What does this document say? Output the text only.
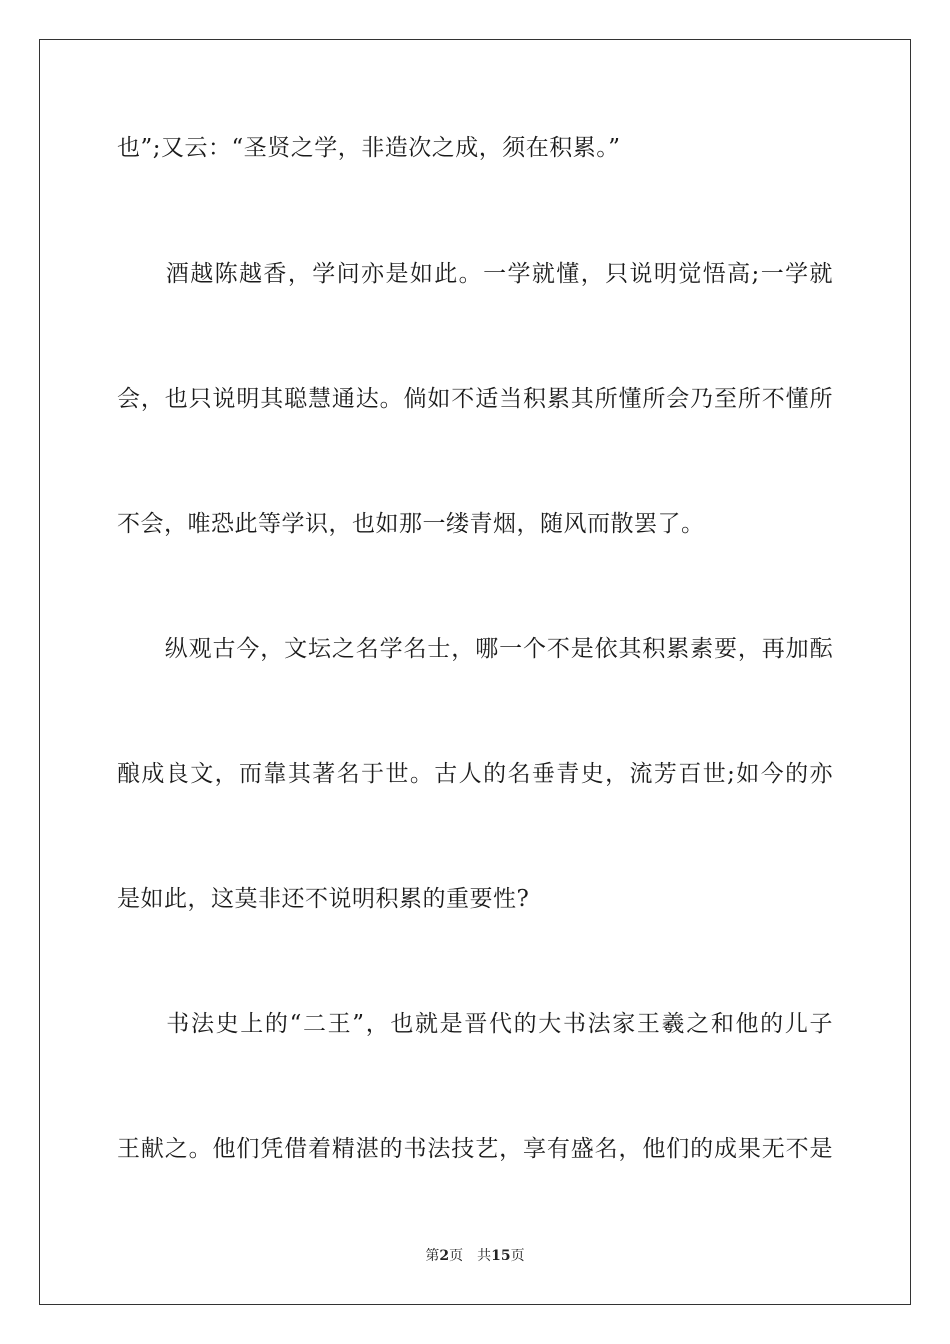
也”;又云：“圣贤之学，非造次之成，须在积累。”

　　酒越陈越香，学问亦是如此。一学就懂，只说明觉悟高;一学就

会，也只说明其聪慧通达。倘如不适当积累其所懂所会乃至所不懂所

不会，唯恐此等学识，也如那一缕青烟，随风而散罢了。

　　纵观古今，文坛之名学名士，哪一个不是依其积累素要，再加酝

酿成良文，而靠其著名于世。古人的名垂青史，流芳百世;如今的亦

是如此，这莫非还不说明积累的重要性?

　　书法史上的“二王”，也就是晋代的大书法家王羲之和他的儿子

王献之。他们凭借着精湛的书法技艺，享有盛名，他们的成果无不是

第2页 共15页
